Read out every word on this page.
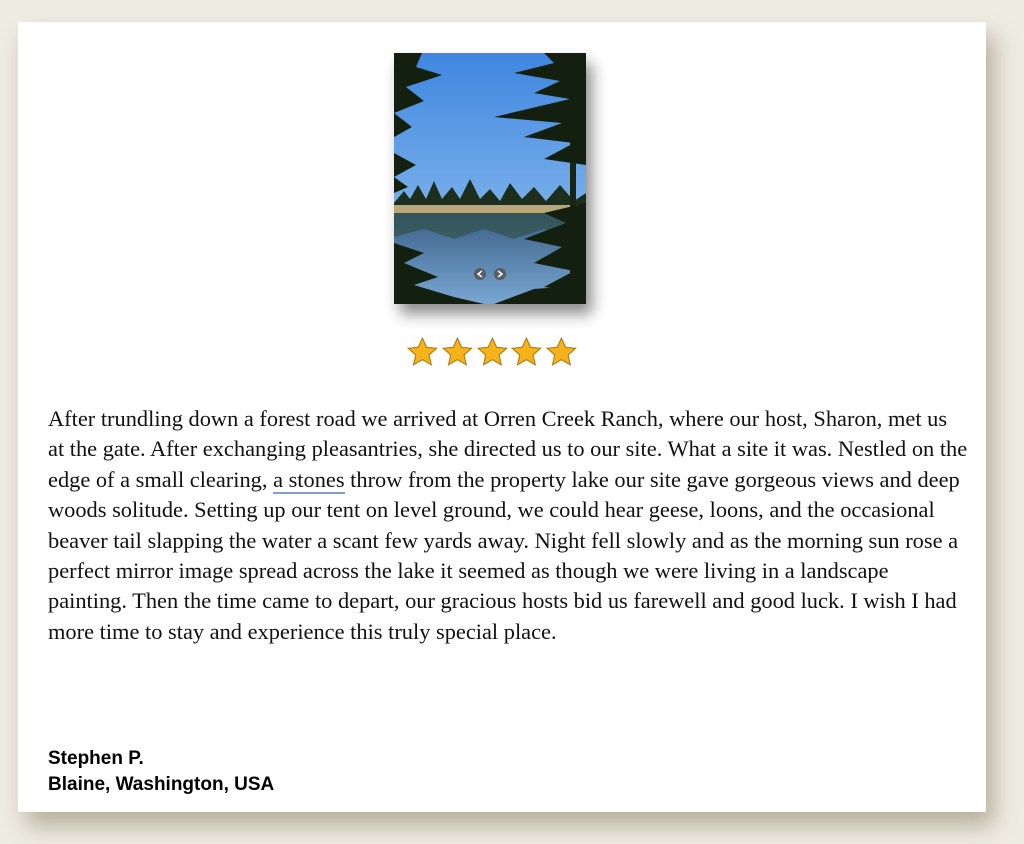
After trundling down a forest road we arrived at Orren Creek Ranch, where our host, Sharon, met us at the gate. After exchanging pleasantries, she directed us to our site. What a site it was. Nestled on the edge of a small clearing, a stones throw from the property lake our site gave gorgeous views and deep woods solitude. Setting up our tent on level ground, we could hear geese, loons, and the occasional beaver tail slapping the water a scant few yards away. Night fell slowly and as the morning sun rose a perfect mirror image spread across the lake it seemed as though we were living in a landscape painting. Then the time came to depart, our gracious hosts bid us farewell and good luck. I wish I had more time to stay and experience this truly special place.

Stephen P.
Blaine, Washington, USA
